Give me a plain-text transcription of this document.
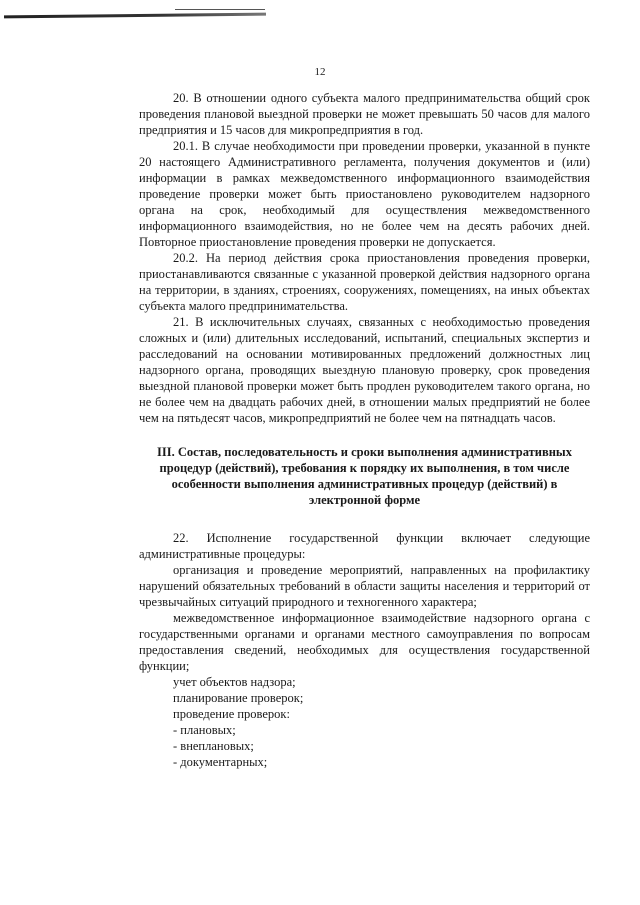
12

20. В отношении одного субъекта малого предпринимательства общий срок проведения плановой выездной проверки не может превышать 50 часов для малого предприятия и 15 часов для микропредприятия в год.

20.1. В случае необходимости при проведении проверки, указанной в пункте 20 настоящего Административного регламента, получения документов и (или) информации в рамках межведомственного информационного взаимодействия проведение проверки может быть приостановлено руководителем надзорного органа на срок, необходимый для осуществления межведомственного информационного взаимодействия, но не более чем на десять рабочих дней. Повторное приостановление проведения проверки не допускается.

20.2. На период действия срока приостановления проведения проверки, приостанавливаются связанные с указанной проверкой действия надзорного органа на территории, в зданиях, строениях, сооружениях, помещениях, на иных объектах субъекта малого предпринимательства.

21. В исключительных случаях, связанных с необходимостью проведения сложных и (или) длительных исследований, испытаний, специальных экспертиз и расследований на основании мотивированных предложений должностных лиц надзорного органа, проводящих выездную плановую проверку, срок проведения выездной плановой проверки может быть продлен руководителем такого органа, но не более чем на двадцать рабочих дней, в отношении малых предприятий не более чем на пятьдесят часов, микропредприятий не более чем на пятнадцать часов.

III. Состав, последовательность и сроки выполнения административных процедур (действий), требования к порядку их выполнения, в том числе особенности выполнения административных процедур (действий) в электронной форме

22. Исполнение государственной функции включает следующие административные процедуры:

организация и проведение мероприятий, направленных на профилактику нарушений обязательных требований в области защиты населения и территорий от чрезвычайных ситуаций природного и техногенного характера;

межведомственное информационное взаимодействие надзорного органа с государственными органами и органами местного самоуправления по вопросам предоставления сведений, необходимых для осуществления государственной функции;

учет объектов надзора;

планирование проверок;

проведение проверок:

- плановых;

- внеплановых;

- документарных;
